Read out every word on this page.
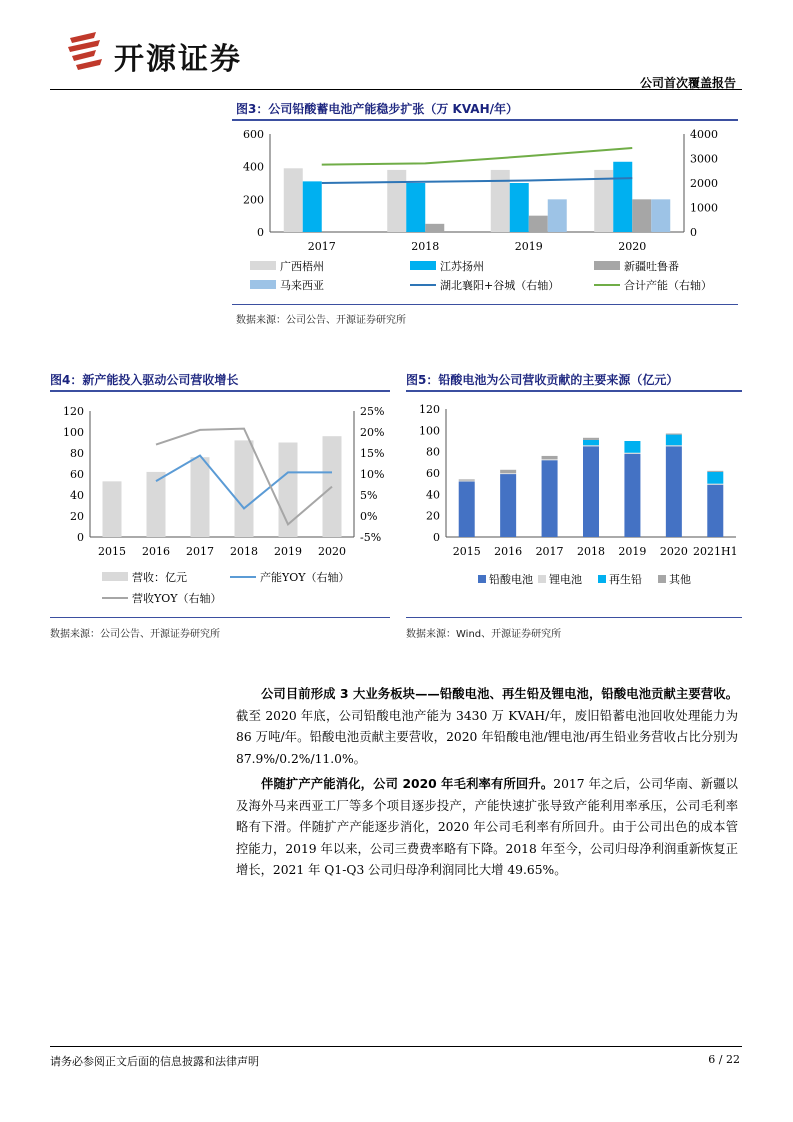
开源证券
公司首次覆盖报告
图3：公司铅酸蓄电池产能稳步扩张（万 KVAH/年）
0
200
400
600
0
1000
2000
3000
4000
2017	2018	2019	2020
广西梧州	江苏扬州	新疆吐鲁番
马来西亚	湖北襄阳+谷城（右轴）	合计产能（右轴）
数据来源：公司公告、开源证券研究所
图4：新产能投入驱动公司营收增长
0
20
40
60
80
100
120
-5%
0%
5%
10%
15%
20%
25%
2015 2016 2017 2018 2019 2020
营收：亿元	产能YOY（右轴）
营收YOY（右轴）
数据来源：公司公告、开源证券研究所
图5：铅酸电池为公司营收贡献的主要来源（亿元）
0
20
40
60
80
100
120
2015 2016 2017 2018 2019 2020 2021H1
铅酸电池 锂电池 再生铅 其他
数据来源：Wind、开源证券研究所
公司目前形成 3 大业务板块——铅酸电池、再生铅及锂电池，铅酸电池贡献主要营收。截至 2020 年底，公司铅酸电池产能为 3430 万 KVAH/年，废旧铅蓄电池回收处理能力为 86 万吨/年。铅酸电池贡献主要营收，2020 年铅酸电池/锂电池/再生铅业务营收占比分别为 87.9%/0.2%/11.0%。
伴随扩产产能消化，公司 2020 年毛利率有所回升。2017 年之后，公司华南、新疆以及海外马来西亚工厂等多个项目逐步投产，产能快速扩张导致产能利用率承压，公司毛利率略有下滑。伴随扩产产能逐步消化，2020 年公司毛利率有所回升。由于公司出色的成本管控能力，2019 年以来，公司三费费率略有下降。2018 年至今，公司归母净利润重新恢复正增长，2021 年 Q1-Q3 公司归母净利润同比大增 49.65%。
请务必参阅正文后面的信息披露和法律声明	6 / 22
